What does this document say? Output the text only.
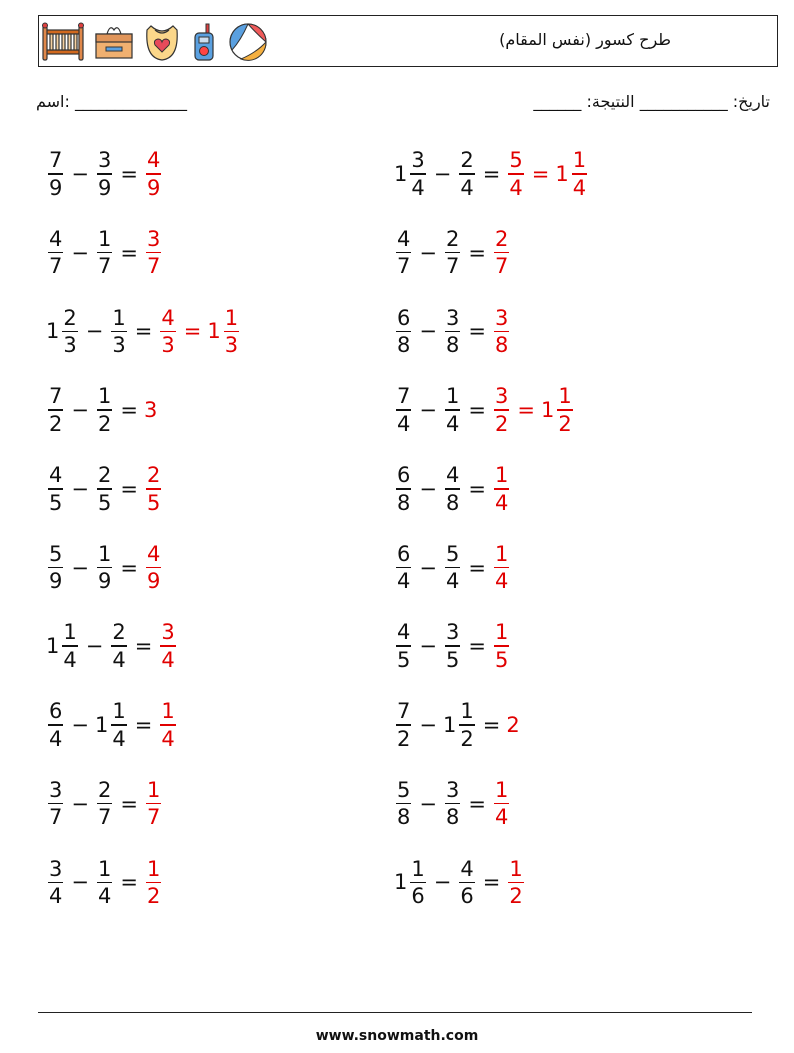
طرح كسور (نفس المقام)
اسم: ______________	______ :تاريخ: ___________ النتيجة
$\frac{7}{9} - \frac{3}{9} = \frac{4}{9}$	$1 \frac{3}{4} - \frac{2}{4} = \frac{5}{4} = 1 \frac{1}{4}$
$\frac{4}{7} - \frac{1}{7} = \frac{3}{7}$	$\frac{4}{7} - \frac{2}{7} = \frac{2}{7}$
$1 \frac{2}{3} - \frac{1}{3} = \frac{4}{3} = 1 \frac{1}{3}$	$\frac{6}{8} - \frac{3}{8} = \frac{3}{8}$
$\frac{7}{2} - \frac{1}{2} = 3$	$\frac{7}{4} - \frac{1}{4} = \frac{3}{2} = 1 \frac{1}{2}$
$\frac{4}{5} - \frac{2}{5} = \frac{2}{5}$	$\frac{6}{8} - \frac{4}{8} = \frac{1}{4}$
$\frac{5}{9} - \frac{1}{9} = \frac{4}{9}$	$\frac{6}{4} - \frac{5}{4} = \frac{1}{4}$
$1 \frac{1}{4} - \frac{2}{4} = \frac{3}{4}$	$\frac{4}{5} - \frac{3}{5} = \frac{1}{5}$
$\frac{6}{4} - 1 \frac{1}{4} = \frac{1}{4}$	$\frac{7}{2} - 1 \frac{1}{2} = 2$
$\frac{3}{7} - \frac{2}{7} = \frac{1}{7}$	$\frac{5}{8} - \frac{3}{8} = \frac{1}{4}$
$\frac{3}{4} - \frac{1}{4} = \frac{1}{2}$	$1 \frac{1}{6} - \frac{4}{6} = \frac{1}{2}$
www.snowmath.com
